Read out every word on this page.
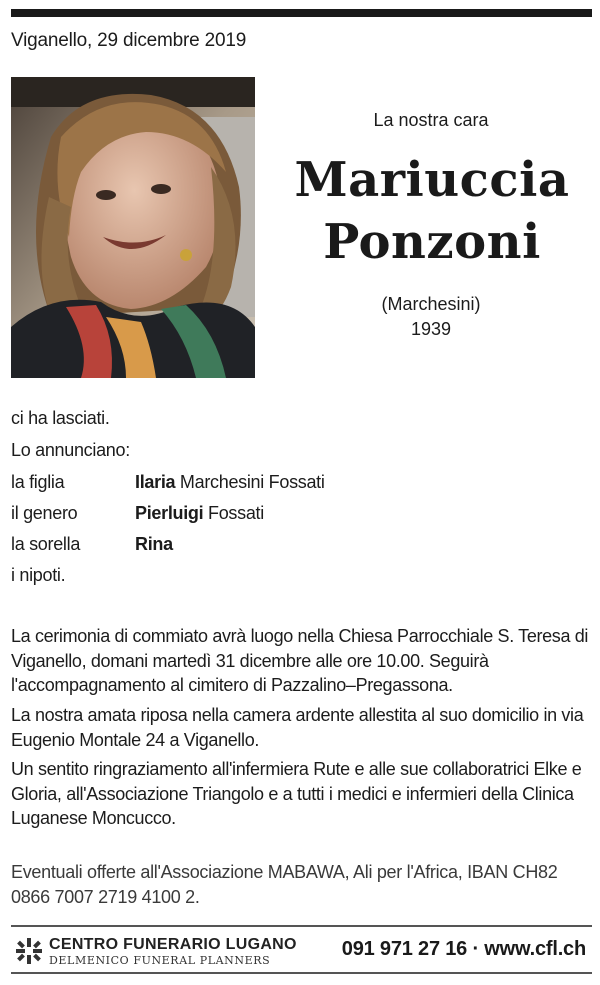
Viganello, 29 dicembre 2019
La nostra cara
Mariuccia
Ponzoni
(Marchesini)
1939
ci ha lasciati.
Lo annunciano:
la figlia	Ilaria Marchesini Fossati
il genero	Pierluigi Fossati
la sorella	Rina
i nipoti.
La cerimonia di commiato avrà luogo nella Chiesa Parrocchiale S. Teresa di Viganello, domani martedì 31 dicembre alle ore 10.00. Seguirà l'accompagnamento al cimitero di Pazzalino–Pregassona.
La nostra amata riposa nella camera ardente allestita al suo domicilio in via Eugenio Montale 24 a Viganello.
Un sentito ringraziamento all'infermiera Rute e alle sue collaboratrici Elke e Gloria, all'Associazione Triangolo e a tutti i medici e infermieri della Clinica Luganese Moncucco.
Eventuali offerte all'Associazione MABAWA, Ali per l'Africa, IBAN CH82 0866 7007 2719 4100 2.
CENTRO FUNERARIO LUGANO
DELMENICO FUNERAL PLANNERS
091 971 27 16 · www.cfl.ch
